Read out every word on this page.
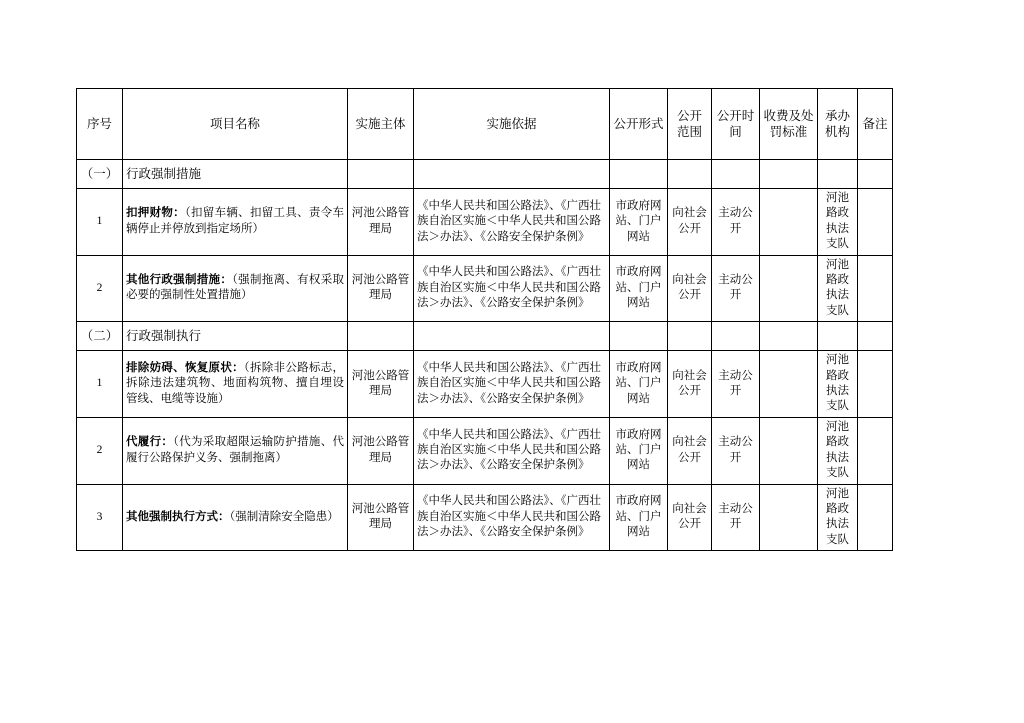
序号	项目名称	实施主体	实施依据	公开形式	公开范围	公开时间	收费及处罚标准	承办机构	备注
（一）	行政强制措施								
1	扣押财物：（扣留车辆、扣留工具、责令车辆停止并停放到指定场所）	河池公路管理局	《中华人民共和国公路法》、《广西壮族自治区实施＜中华人民共和国公路法＞办法》、《公路安全保护条例》	市政府网站、门户网站	向社会公开	主动公开		河池路政执法支队	
2	其他行政强制措施：（强制拖离、有权采取必要的强制性处置措施）	河池公路管理局	《中华人民共和国公路法》、《广西壮族自治区实施＜中华人民共和国公路法＞办法》、《公路安全保护条例》	市政府网站、门户网站	向社会公开	主动公开		河池路政执法支队	
（二）	行政强制执行								
1	排除妨碍、恢复原状：（拆除非公路标志，拆除违法建筑物、地面构筑物、擅自埋设管线、电缆等设施）	河池公路管理局	《中华人民共和国公路法》、《广西壮族自治区实施＜中华人民共和国公路法＞办法》、《公路安全保护条例》	市政府网站、门户网站	向社会公开	主动公开		河池路政执法支队	
2	代履行：（代为采取超限运输防护措施、代履行公路保护义务、强制拖离）	河池公路管理局	《中华人民共和国公路法》、《广西壮族自治区实施＜中华人民共和国公路法＞办法》、《公路安全保护条例》	市政府网站、门户网站	向社会公开	主动公开		河池路政执法支队	
3	其他强制执行方式：（强制清除安全隐患）	河池公路管理局	《中华人民共和国公路法》、《广西壮族自治区实施＜中华人民共和国公路法＞办法》、《公路安全保护条例》	市政府网站、门户网站	向社会公开	主动公开		河池路政执法支队	
